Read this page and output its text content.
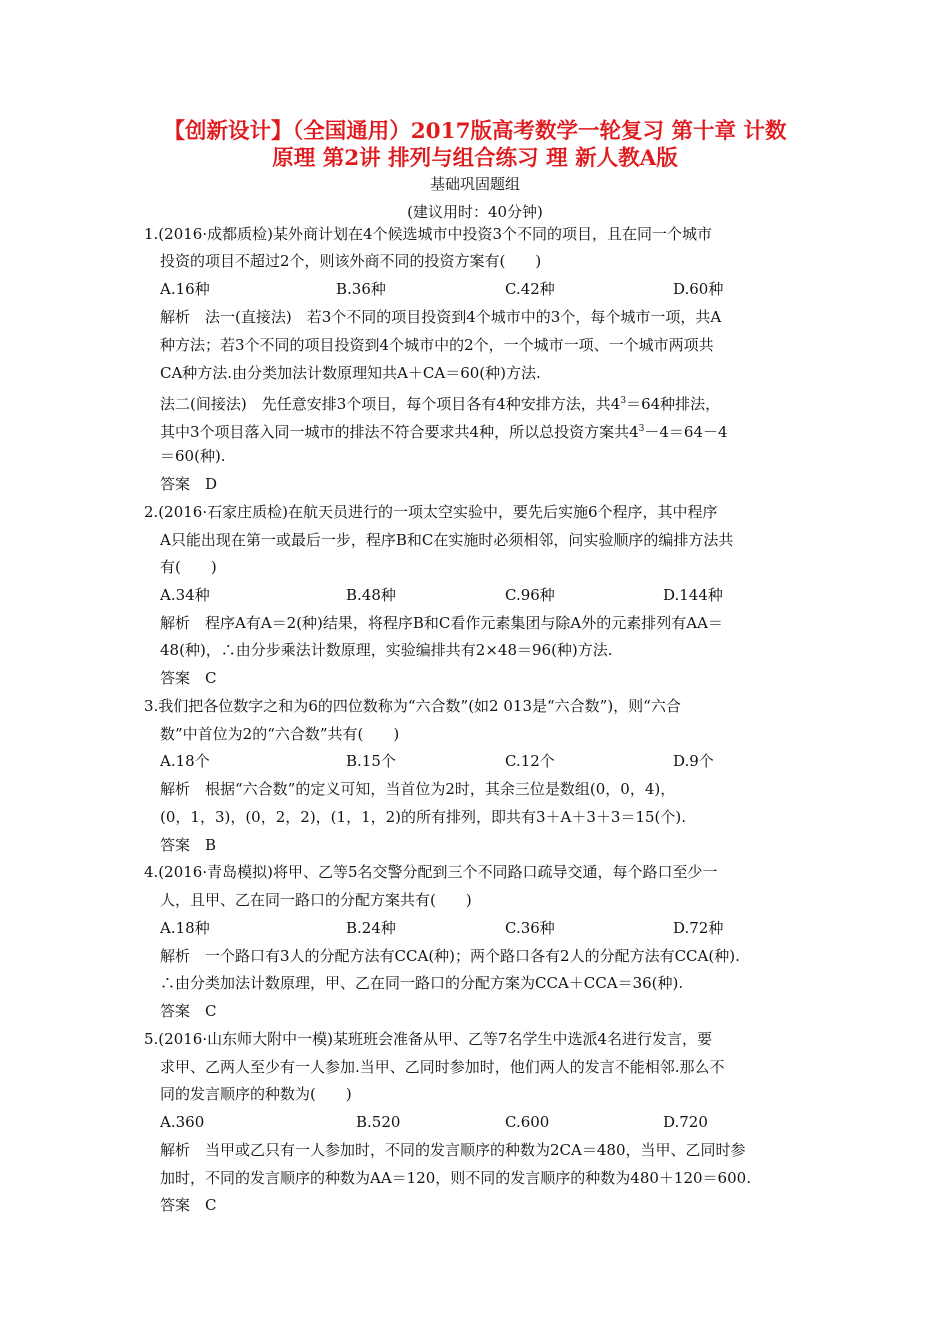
【创新设计】（全国通用）2017版高考数学一轮复习 第十章 计数
原理 第2讲 排列与组合练习 理 新人教A版
基础巩固题组
(建议用时：40分钟)
1.(2016·成都质检)某外商计划在4个候选城市中投资3个不同的项目，且在同一个城市
投资的项目不超过2个，则该外商不同的投资方案有(　　)
A.16种	B.36种	C.42种	D.60种
解析　法一(直接法)　若3个不同的项目投资到4个城市中的3个，每个城市一项，共A
种方法；若3个不同的项目投资到4个城市中的2个，一个城市一项、一个城市两项共
CA种方法.由分类加法计数原理知共A＋CA＝60(种)方法.
法二(间接法)　先任意安排3个项目，每个项目各有4种安排方法，共$4^3=64$种排法，
其中3个项目落入同一城市的排法不符合要求共4种，所以总投资方案共$4^3-4=64-4$
＝60(种).
答案　D
2.(2016·石家庄质检)在航天员进行的一项太空实验中，要先后实施6个程序，其中程序
A只能出现在第一或最后一步，程序B和C在实施时必须相邻，问实验顺序的编排方法共
有(　　)
A.34种	B.48种	C.96种	D.144种
解析　程序A有A＝2(种)结果，将程序B和C看作元素集团与除A外的元素排列有AA＝
48(种)，∴由分步乘法计数原理，实验编排共有2×48＝96(种)方法.
答案　C
3.我们把各位数字之和为6的四位数称为“六合数”(如2 013是“六合数”)，则“六合
数”中首位为2的“六合数”共有(　　)
A.18个	B.15个	C.12个	D.9个
解析　根据“六合数”的定义可知，当首位为2时，其余三位是数组(0，0，4)，
(0，1，3)，(0，2，2)，(1，1，2)的所有排列，即共有3＋A＋3＋3＝15(个).
答案　B
4.(2016·青岛模拟)将甲、乙等5名交警分配到三个不同路口疏导交通，每个路口至少一
人，且甲、乙在同一路口的分配方案共有(　　)
A.18种	B.24种	C.36种	D.72种
解析　一个路口有3人的分配方法有CCA(种)；两个路口各有2人的分配方法有CCA(种).
∴由分类加法计数原理，甲、乙在同一路口的分配方案为CCA＋CCA＝36(种).
答案　C
5.(2016·山东师大附中一模)某班班会准备从甲、乙等7名学生中选派4名进行发言，要
求甲、乙两人至少有一人参加.当甲、乙同时参加时，他们两人的发言不能相邻.那么不
同的发言顺序的种数为(　　)
A.360	B.520	C.600	D.720
解析　当甲或乙只有一人参加时，不同的发言顺序的种数为2CA＝480，当甲、乙同时参
加时，不同的发言顺序的种数为AA＝120，则不同的发言顺序的种数为480＋120＝600.
答案　C
